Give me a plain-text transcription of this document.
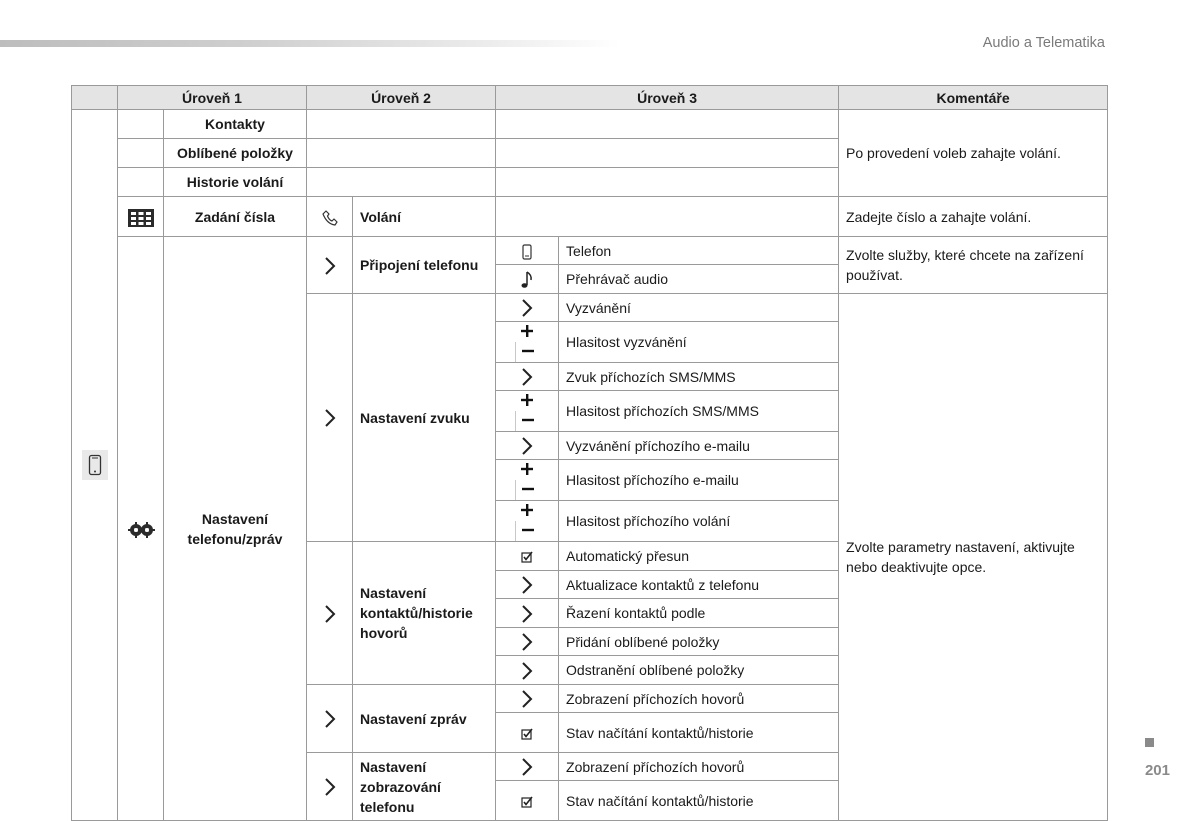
Audio a Telematika
	Úroveň 1		Úroveň 2		Úroveň 3		Komentáře

		Kontakty					Po provedení voleb zahajte volání.
		Oblíbené položky					
		Historie volání					

	Zadání čísla		Volání			Zadejte číslo a zahajte volání.

	Nastavení telefonu/zpráv		Připojení telefonu		Telefon	Zvolte služby, které chcete na zařízení používat.

	Přehrávač audio	

	Nastavení zvuku		Vyzvánění	Zvolte parametry nastavení, aktivujte nebo deaktivujte opce.
	Hlasitost vyzvánění	

	Zvuk příchozích SMS/MMS	
	Hlasitost příchozích SMS/MMS	

	Vyzvánění příchozího e-mailu	
	Hlasitost příchozího e-mailu	
	Hlasitost příchozího volání	

	Nastavení kontaktů/historie hovorů		Automatický přesun	

	Aktualizace kontaktů z telefonu	

	Řazení kontaktů podle	

	Přidání oblíbené položky	

	Odstranění oblíbené položky	

	Nastavení zpráv		Zobrazení příchozích hovorů	

	Stav načítání kontaktů/historie	

	Nastavení zobrazování telefonu		Zobrazení příchozích hovorů	

	Stav načítání kontaktů/historie	
201
